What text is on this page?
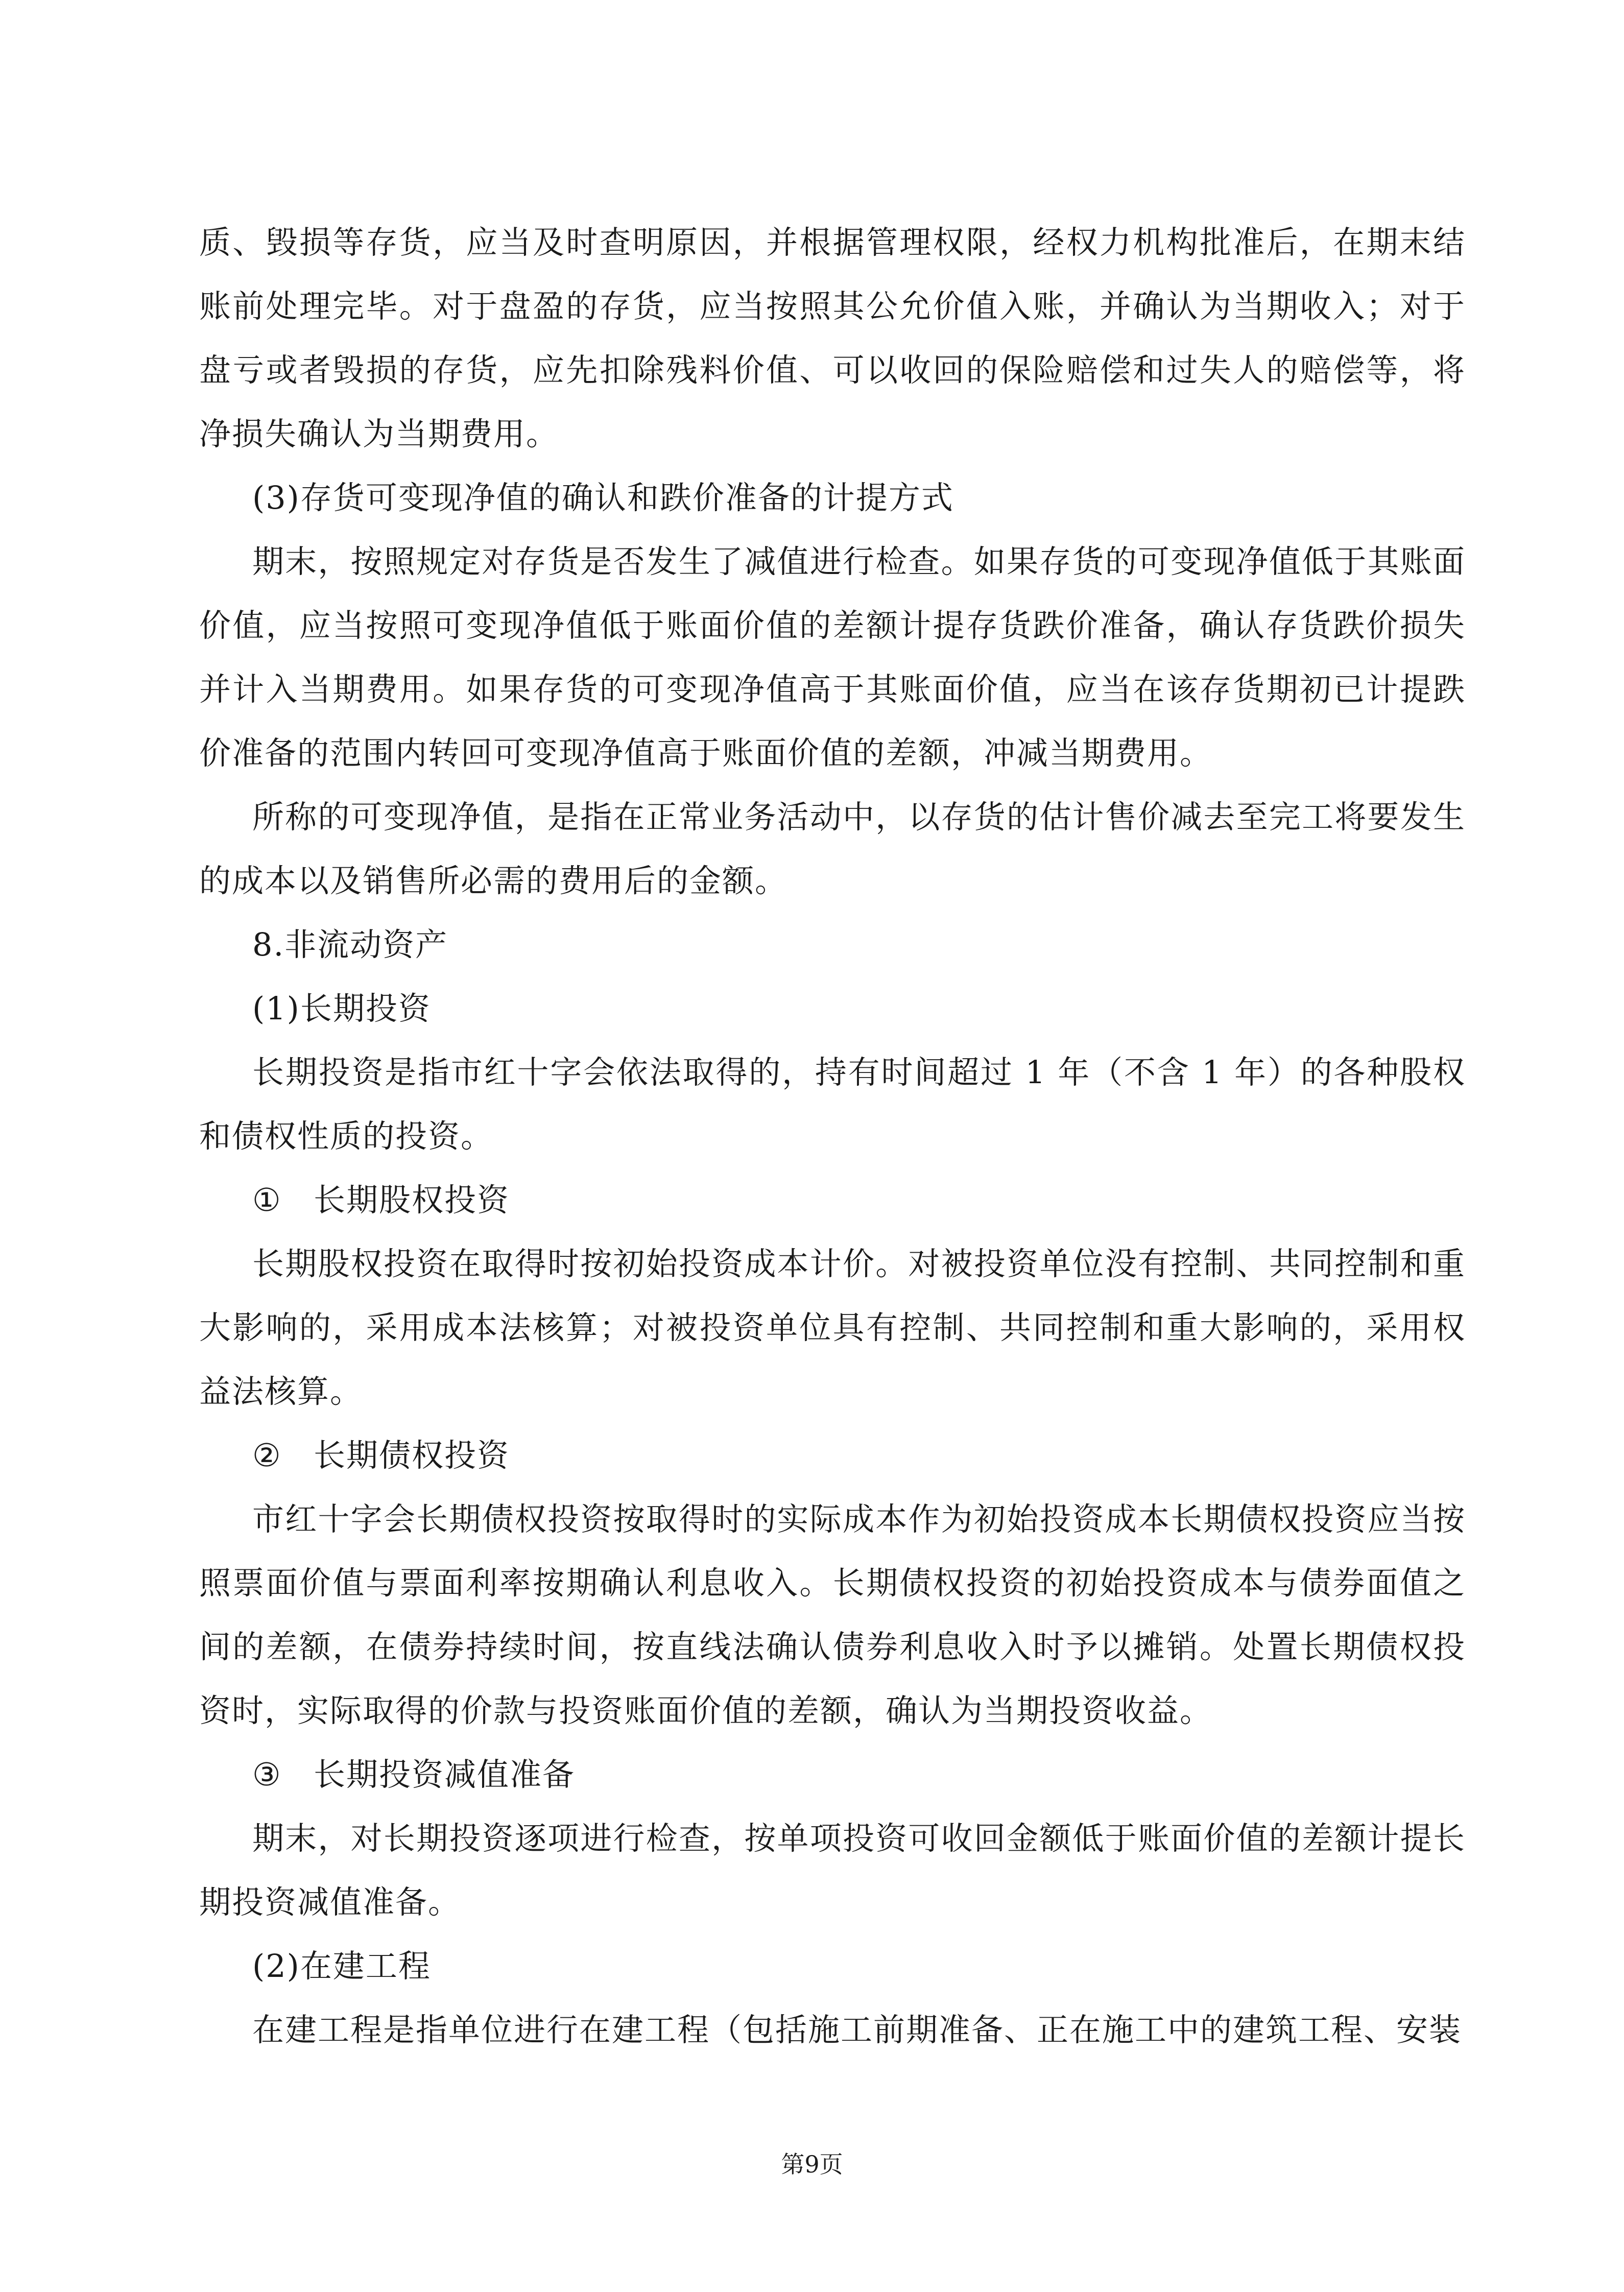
质、毁损等存货，应当及时查明原因，并根据管理权限，经权力机构批准后，在期末结账前处理完毕。对于盘盈的存货，应当按照其公允价值入账，并确认为当期收入；对于盘亏或者毁损的存货，应先扣除残料价值、可以收回的保险赔偿和过失人的赔偿等，将净损失确认为当期费用。

(3)存货可变现净值的确认和跌价准备的计提方式

期末，按照规定对存货是否发生了减值进行检查。如果存货的可变现净值低于其账面价值，应当按照可变现净值低于账面价值的差额计提存货跌价准备，确认存货跌价损失并计入当期费用。如果存货的可变现净值高于其账面价值，应当在该存货期初已计提跌价准备的范围内转回可变现净值高于账面价值的差额，冲减当期费用。

所称的可变现净值，是指在正常业务活动中，以存货的估计售价减去至完工将要发生的成本以及销售所必需的费用后的金额。

8.非流动资产

(1)长期投资

长期投资是指市红十字会依法取得的，持有时间超过 1 年（不含 1 年）的各种股权和债权性质的投资。

① 长期股权投资

长期股权投资在取得时按初始投资成本计价。对被投资单位没有控制、共同控制和重大影响的，采用成本法核算；对被投资单位具有控制、共同控制和重大影响的，采用权益法核算。

② 长期债权投资

市红十字会长期债权投资按取得时的实际成本作为初始投资成本长期债权投资应当按照票面价值与票面利率按期确认利息收入。长期债权投资的初始投资成本与债券面值之间的差额，在债券持续时间，按直线法确认债券利息收入时予以摊销。处置长期债权投资时，实际取得的价款与投资账面价值的差额，确认为当期投资收益。

③ 长期投资减值准备

期末，对长期投资逐项进行检查，按单项投资可收回金额低于账面价值的差额计提长期投资减值准备。

(2)在建工程

在建工程是指单位进行在建工程（包括施工前期准备、正在施工中的建筑工程、安装

第9页
